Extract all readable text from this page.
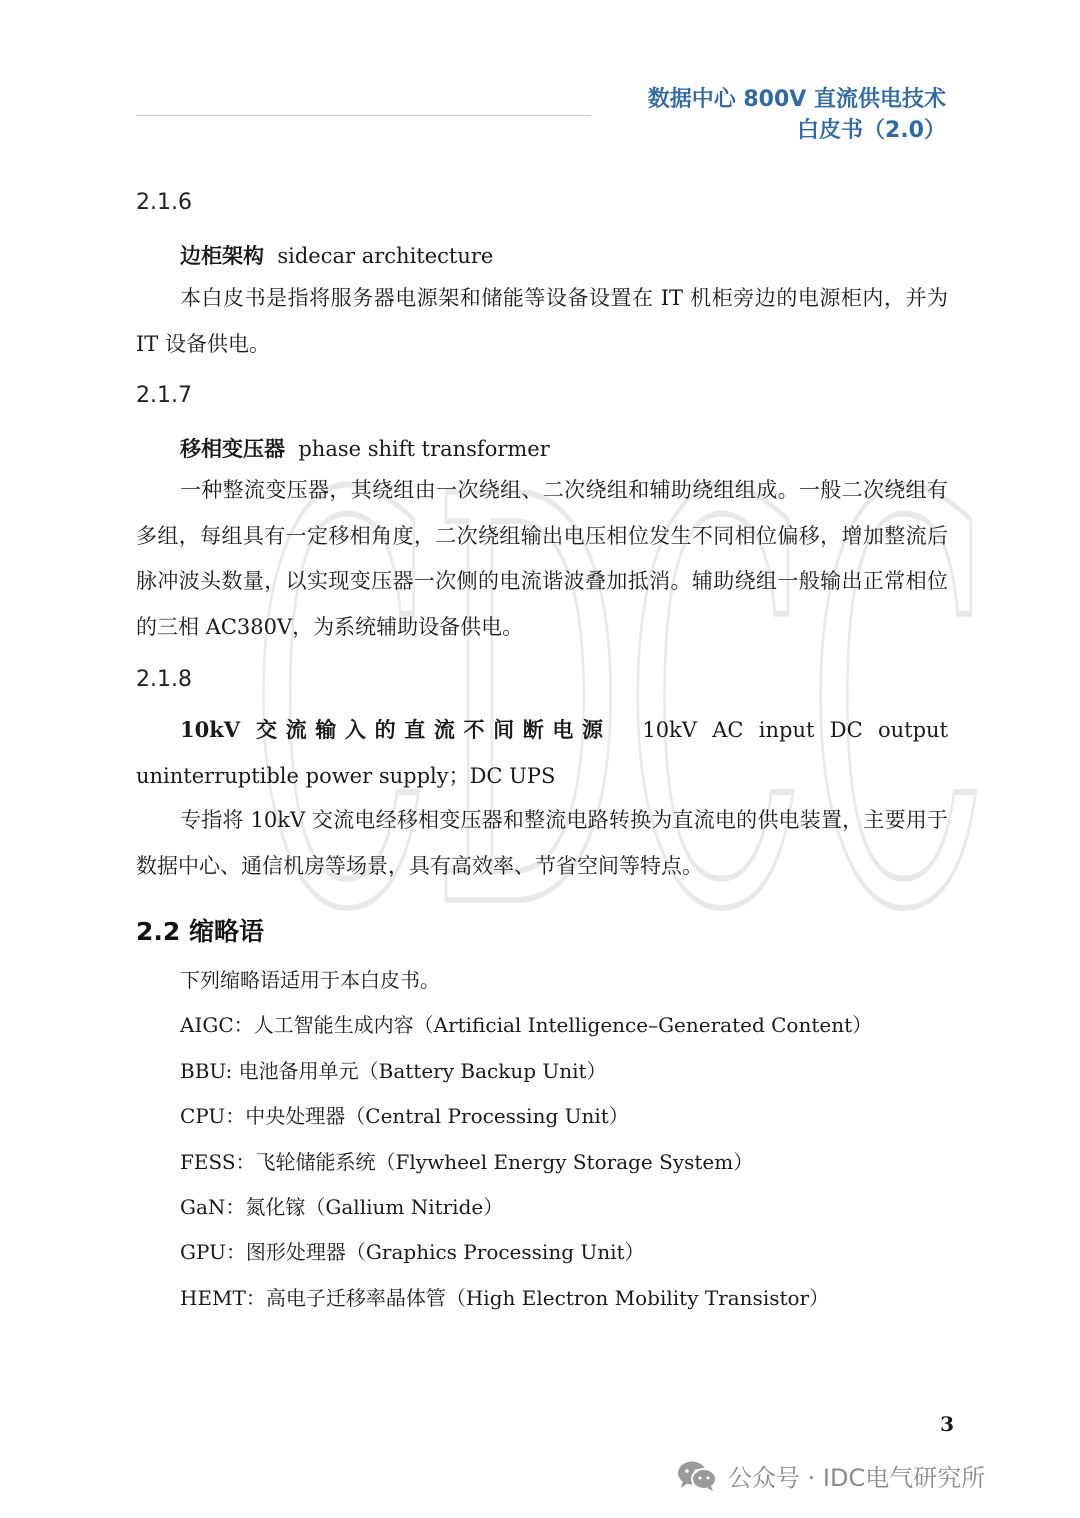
数据中心 800V 直流供电技术
白皮书（2.0）
CDCC
2.1.6
边柜架构 sidecar architecture
本白皮书是指将服务器电源架和储能等设备设置在 IT 机柜旁边的电源柜内，并为 IT 设备供电。
2.1.7
移相变压器 phase shift transformer
一种整流变压器，其绕组由一次绕组、二次绕组和辅助绕组组成。一般二次绕组有多组，每组具有一定移相角度，二次绕组输出电压相位发生不同相位偏移，增加整流后脉冲波头数量，以实现变压器一次侧的电流谐波叠加抵消。辅助绕组一般输出正常相位的三相 AC380V，为系统辅助设备供电。
2.1.8
10kV 交流输入的直流不间断电源 10kV AC input DC output uninterruptible power supply；DC UPS
专指将 10kV 交流电经移相变压器和整流电路转换为直流电的供电装置，主要用于数据中心、通信机房等场景，具有高效率、节省空间等特点。
2.2 缩略语
下列缩略语适用于本白皮书。
AIGC：人工智能生成内容（Artificial Intelligence–Generated Content）
BBU: 电池备用单元（Battery Backup Unit）
CPU：中央处理器（Central Processing Unit）
FESS：飞轮储能系统（Flywheel Energy Storage System）
GaN：氮化镓（Gallium Nitride）
GPU：图形处理器（Graphics Processing Unit）
HEMT：高电子迁移率晶体管（High Electron Mobility Transistor）
3
公众号 · IDC电气研究所
